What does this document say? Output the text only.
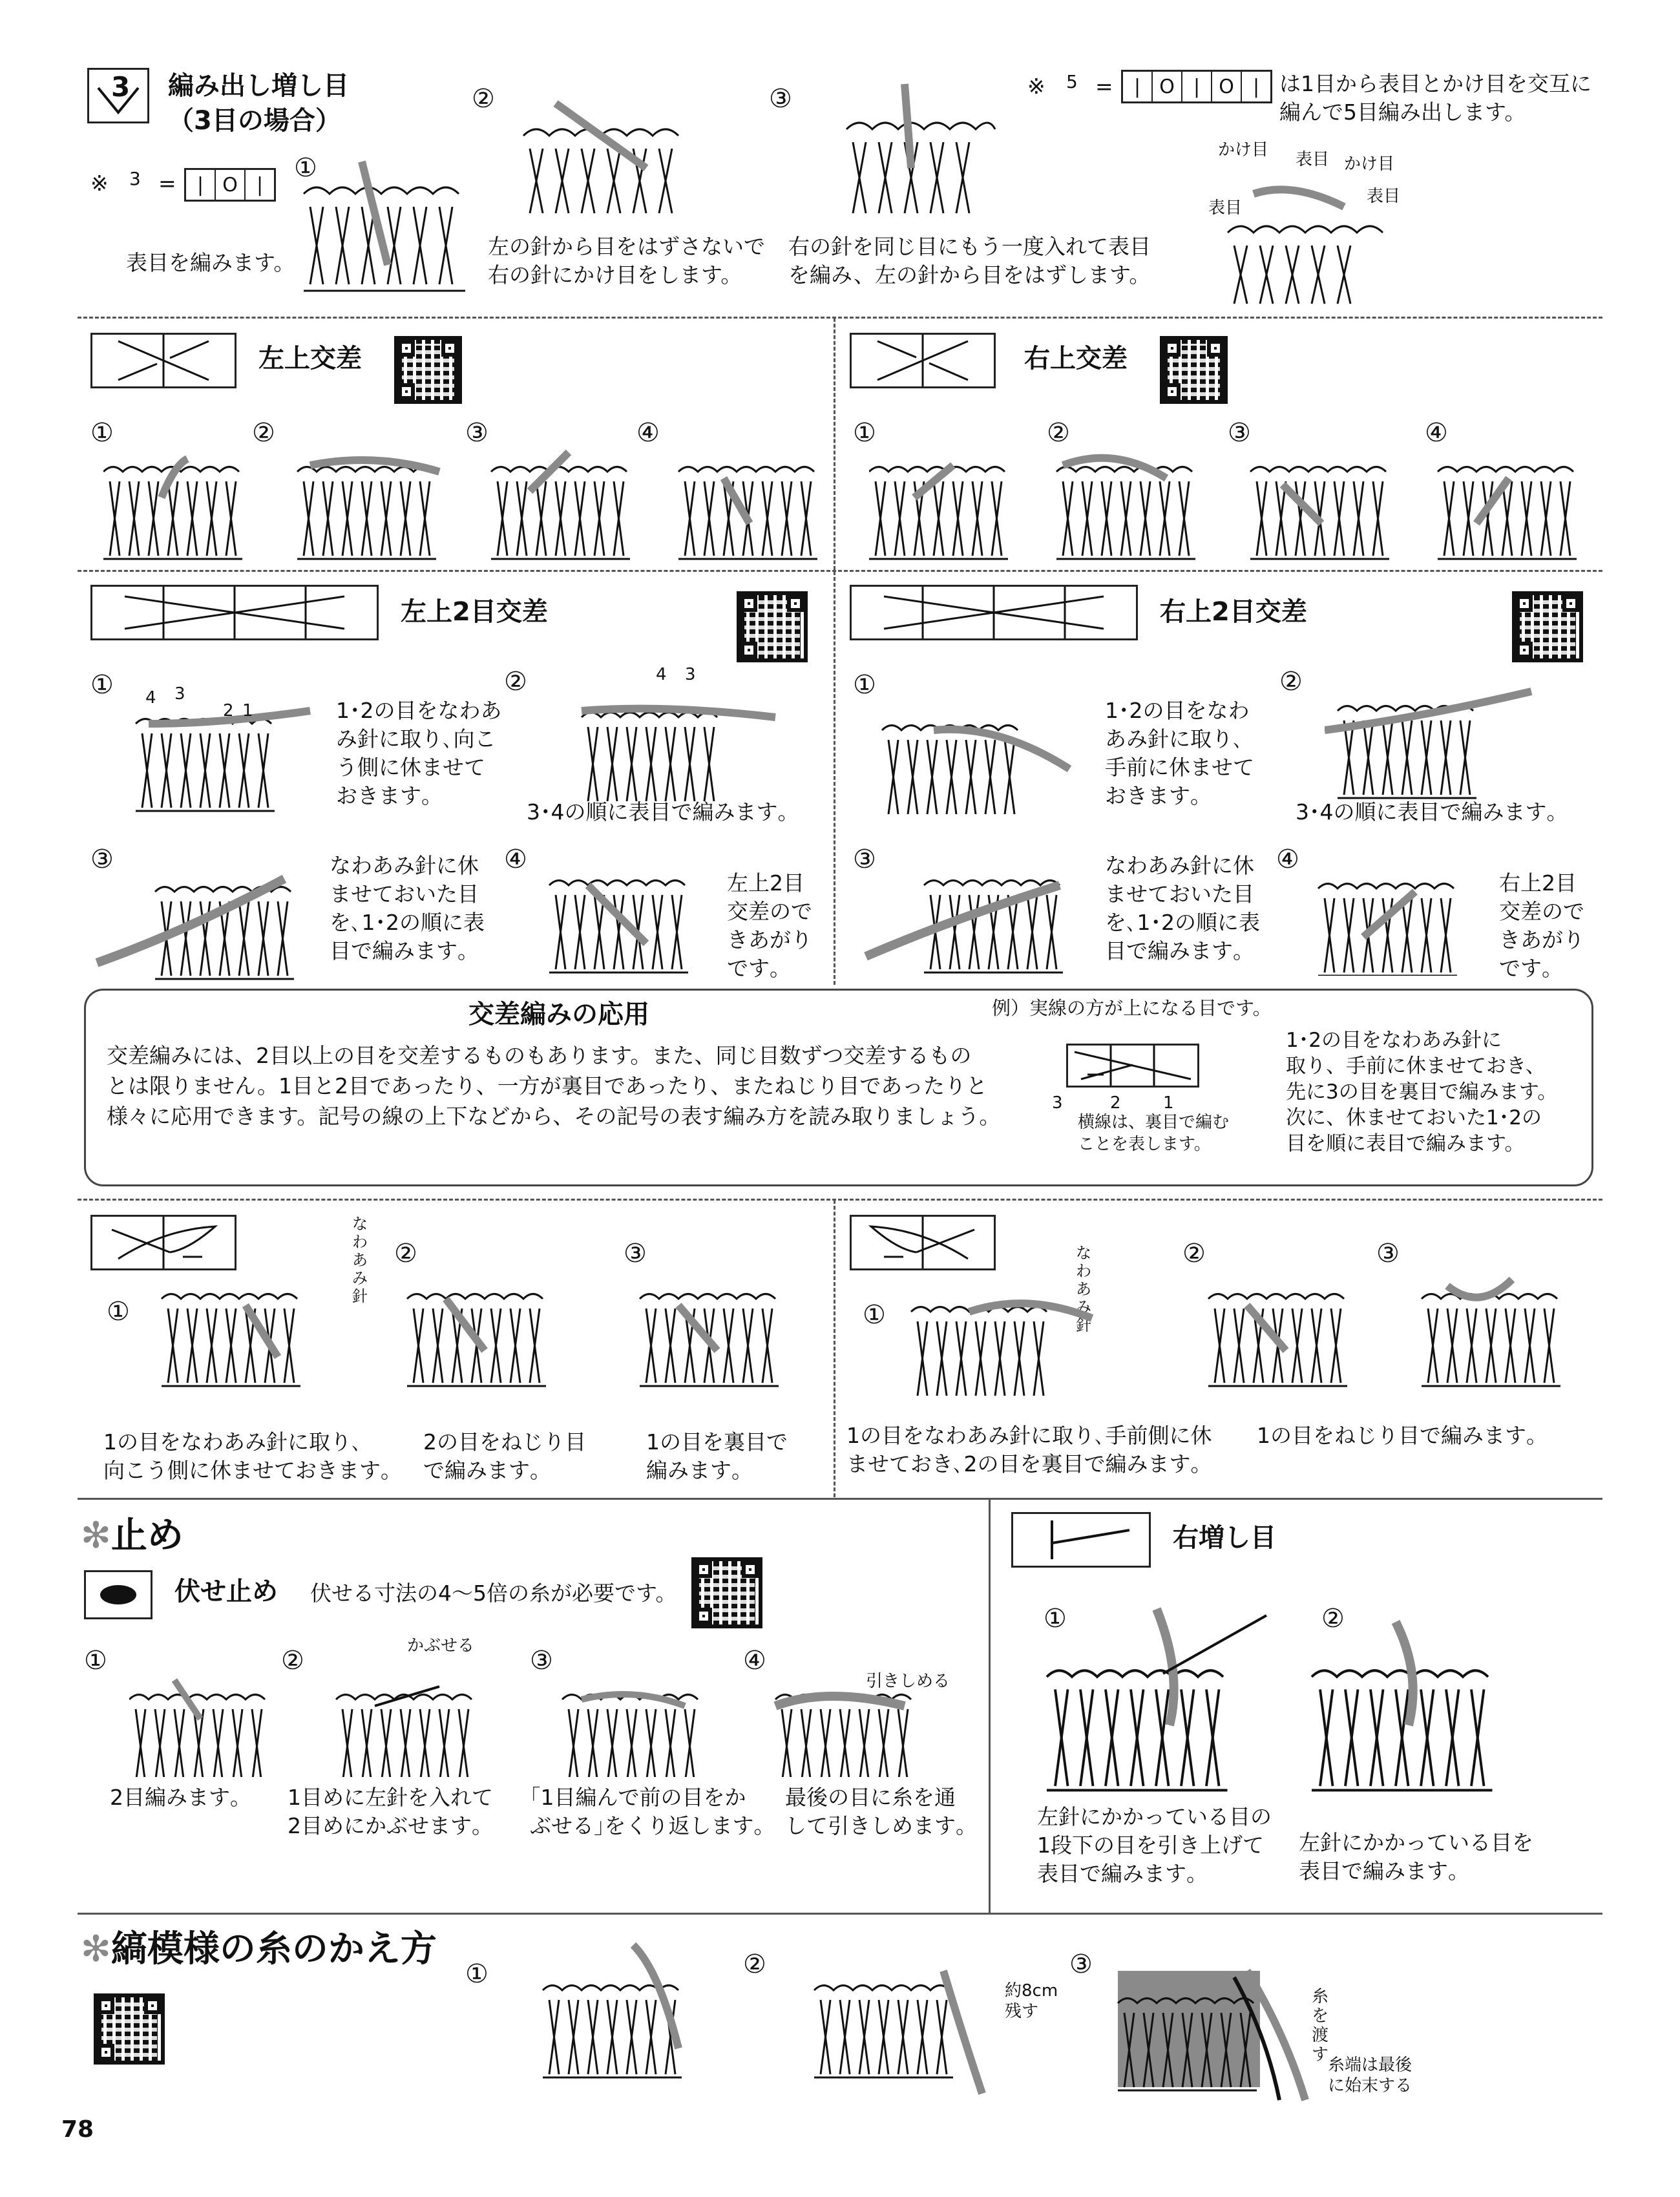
3 編み出し増し目
（3目の場合）
※ 3 =	| O |
①
表目を編みます。
②
左の針から目をはずさないで
右の針にかけ目をします。
③
右の針を同じ目にもう一度入れて表目
を編み、左の針から目をはずします。
※ 5 =	| O | O | は1目から表目とかけ目を交互に
編んで5目編み出します。
かけ目 表目 かけ目
表目
表目
左上交差	右上交差
①	②	③	④	①	②	③	④
左上2目交差	右上2目交差
① 4 3
2 1	1･2の目をなわあ
み針に取り､向こ
う側に休ませて
おきます｡
②	4 3
3･4の順に表目で編みます｡
③	なわあみ針に休
ませておいた目
を､1･2の順に表
目で編みます｡
④
左上2目
交差ので
きあがり
です｡
①
1･2の目をなわ
あみ針に取り､
手前に休ませて
おきます｡
②
3･4の順に表目で編みます｡
③	なわあみ針に休
ませておいた目
を､1･2の順に表
目で編みます｡
④
右上2目
交差ので
きあがり
です｡
交差編みの応用
交差編みには、2目以上の目を交差するものもあります。また、同じ目数ずつ交差するもの
とは限りません。1目と2目であったり、一方が裏目であったり、またねじり目であったりと
様々に応用できます。記号の線の上下などから、その記号の表す編み方を読み取りましょう。
例）実線の方が上になる目です。
3	2	1
横線は、裏目で編む
ことを表します。
1･2の目をなわあみ針に
取り、手前に休ませておき、
先に3の目を裏目で編みます。
次に、休ませておいた1･2の
目を順に表目で編みます。
①
②	③
なわあみ針
1の目をなわあみ針に取り､
向こう側に休ませておきます｡
2の目をねじり目
で編みます｡
1の目を裏目で
編みます｡
①
②	③
なわあみ針
1の目をなわあみ針に取り､手前側に休
ませておき､2の目を裏目で編みます｡
1の目をねじり目で編みます｡
✻止め
伏せ止め 伏せる寸法の4～5倍の糸が必要です。
①	②	③	④
かぶせる
引きしめる
2目編みます｡ 1目めに左針を入れて
2目めにかぶせます｡
｢1目編んで前の目をか
ぶせる｣をくり返します｡
最後の目に糸を通
して引きしめます｡
右増し目
①	②
左針にかかっている目の
1段下の目を引き上げて
表目で編みます｡
左針にかかっている目を
表目で編みます｡
✻縞模様の糸のかえ方
①	②	③
約8cm
残す
糸
を
渡
す
糸端は最後
に始末する
78
